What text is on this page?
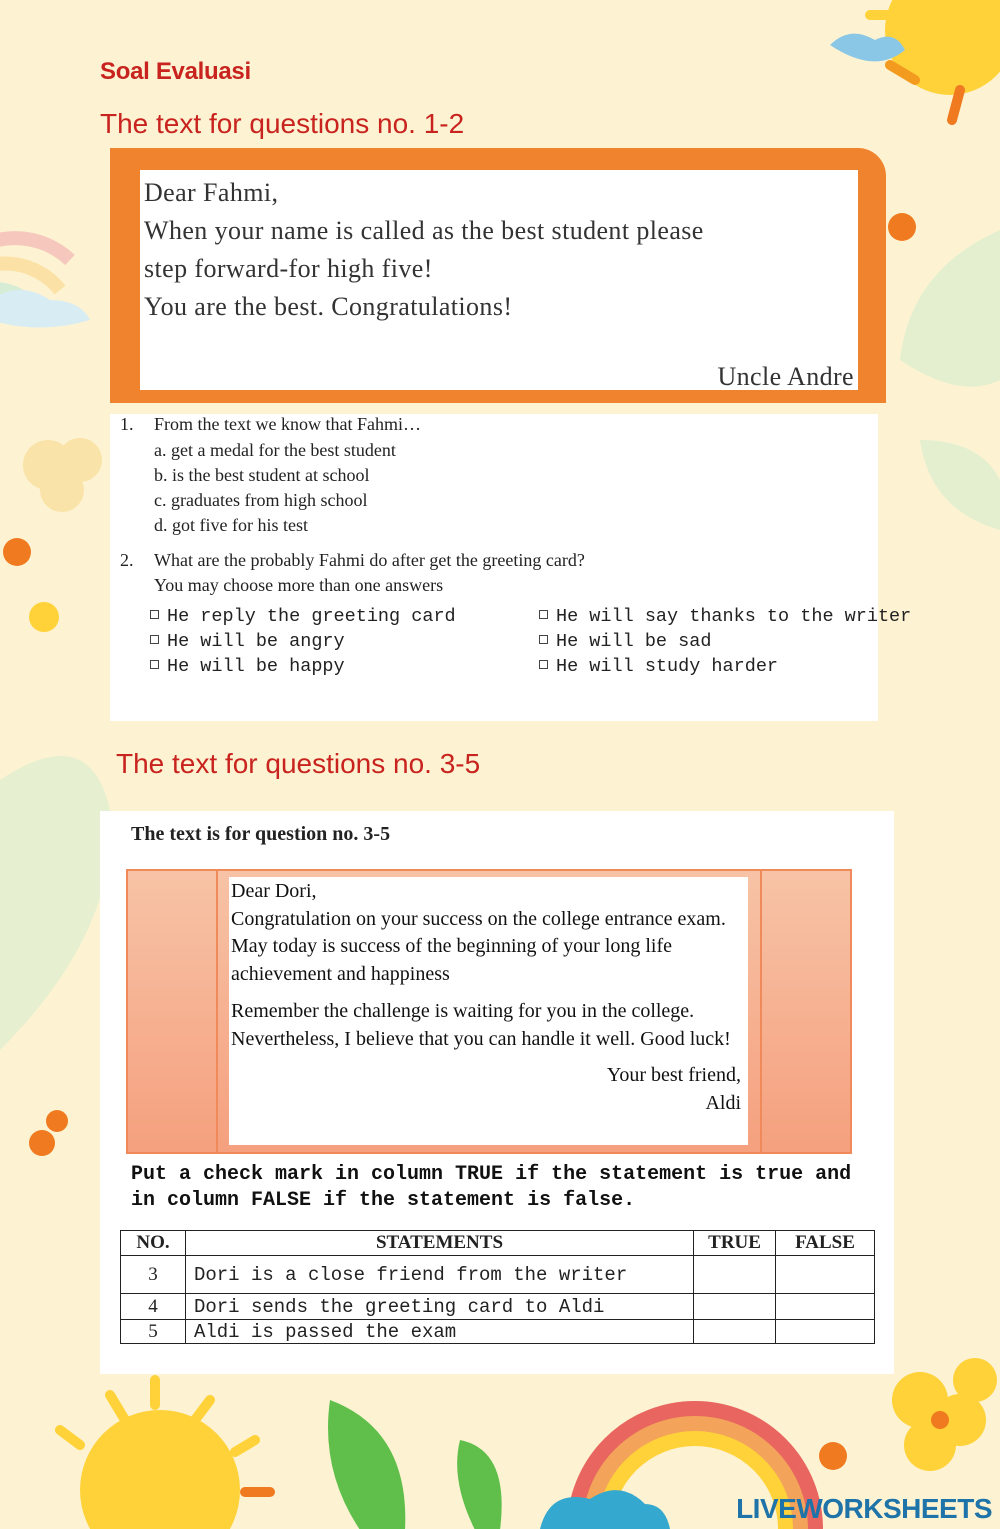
Soal Evaluasi
The text for questions no. 1-2
Dear Fahmi,
When your name is called as the best student please
step forward-for high five!
You are the best. Congratulations!
Uncle Andre
1. From the text we know that Fahmi…
a. get a medal for the best student
b. is the best student at school
c. graduates from high school
d. got five for his test
2. What are the probably Fahmi do after get the greeting card?
You may choose more than one answers
He reply the greeting card
He will be angry
He will be happy
He will say thanks to the writer
He will be sad
He will study harder
The text for questions no. 3-5
The text is for question no. 3-5
Dear Dori,
Congratulation on your success on the college entrance exam. May today is success of the beginning of your long life achievement and happiness
Remember the challenge is waiting for you in the college. Nevertheless, I believe that you can handle it well. Good luck!
Your best friend,
Aldi
Put a check mark in column TRUE if the statement is true and in column FALSE if the statement is false.
NO.	STATEMENTS	TRUE	FALSE
3	Dori is a close friend from the writer		
4	Dori sends the greeting card to Aldi		
5	Aldi is passed the exam		
LIVEWORKSHEETS
